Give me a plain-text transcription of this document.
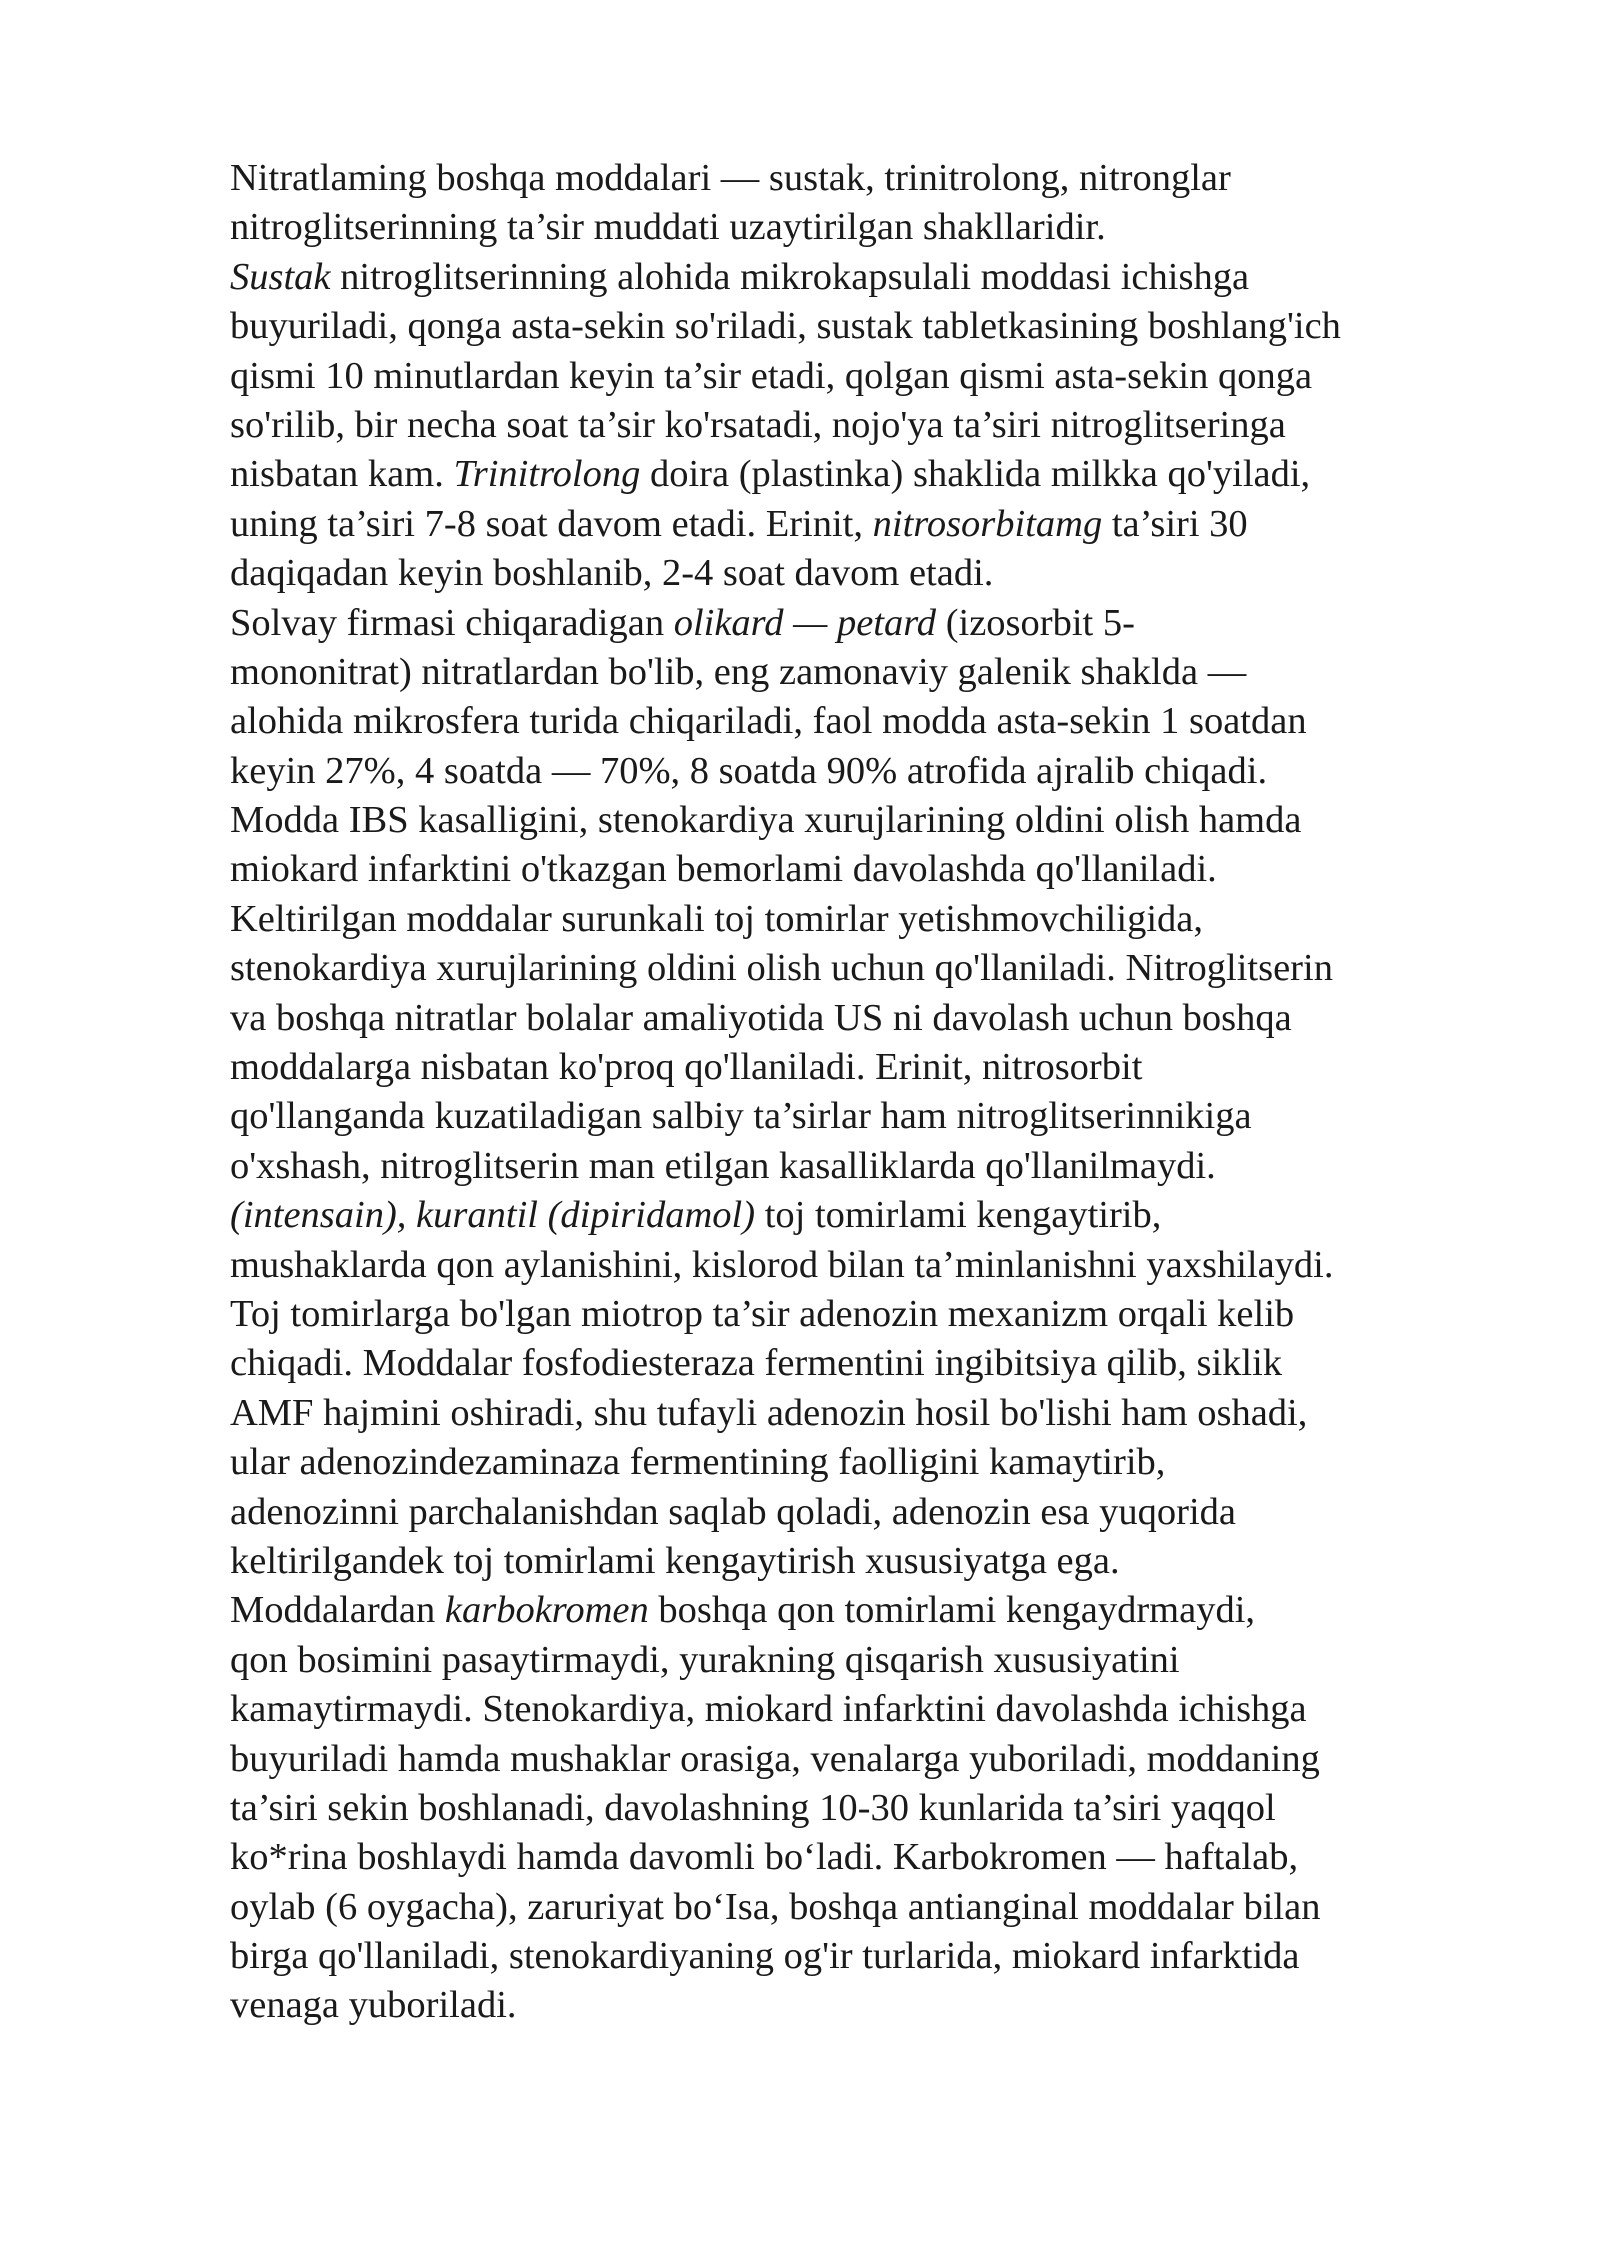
Nitratlaming boshqa moddalari — sustak, trinitrolong, nitronglar
nitroglitserinning ta’sir muddati uzaytirilgan shakllaridir.
Sustak nitroglitserinning alohida mikrokapsulali moddasi ichishga
buyuriladi, qonga asta-sekin so'riladi, sustak tabletkasining boshlang'ich
qismi 10 minutlardan keyin ta’sir etadi, qolgan qismi asta-sekin qonga
so'rilib, bir necha soat ta’sir ko'rsatadi, nojo'ya ta’siri nitroglitseringa
nisbatan kam. Trinitrolong doira (plastinka) shaklida milkka qo'yiladi,
uning ta’siri 7-8 soat davom etadi. Erinit, nitrosorbitamg ta’siri 30
daqiqadan keyin boshlanib, 2-4 soat davom etadi.
Solvay firmasi chiqaradigan olikard — petard (izosorbit 5-
mononitrat) nitratlardan bo'lib, eng zamonaviy galenik shaklda —
alohida mikrosfera turida chiqariladi, faol modda asta-sekin 1 soatdan
keyin 27%, 4 soatda — 70%, 8 soatda 90% atrofida ajralib chiqadi.
Modda IBS kasalligini, stenokardiya xurujlarining oldini olish hamda
miokard infarktini o'tkazgan bemorlami davolashda qo'llaniladi.
Keltirilgan moddalar surunkali toj tomirlar yetishmovchiligida,
stenokardiya xurujlarining oldini olish uchun qo'llaniladi. Nitroglitserin
va boshqa nitratlar bolalar amaliyotida US ni davolash uchun boshqa
moddalarga nisbatan ko'proq qo'llaniladi. Erinit, nitrosorbit
qo'llanganda kuzatiladigan salbiy ta’sirlar ham nitroglitserinnikiga
o'xshash, nitroglitserin man etilgan kasalliklarda qo'llanilmaydi.
(intensain), kurantil (dipiridamol) toj tomirlami kengaytirib,
mushaklarda qon aylanishini, kislorod bilan ta’minlanishni yaxshilaydi.
Toj tomirlarga bo'lgan miotrop ta’sir adenozin mexanizm orqali kelib
chiqadi. Moddalar fosfodiesteraza fermentini ingibitsiya qilib, siklik
AMF hajmini oshiradi, shu tufayli adenozin hosil bo'lishi ham oshadi,
ular adenozindezaminaza fermentining faolligini kamaytirib,
adenozinni parchalanishdan saqlab qoladi, adenozin esa yuqorida
keltirilgandek toj tomirlami kengaytirish xususiyatga ega.
Moddalardan karbokromen boshqa qon tomirlami kengaydrmaydi,
qon bosimini pasaytirmaydi, yurakning qisqarish xususiyatini
kamaytirmaydi. Stenokardiya, miokard infarktini davolashda ichishga
buyuriladi hamda mushaklar orasiga, venalarga yuboriladi, moddaning
ta’siri sekin boshlanadi, davolashning 10-30 kunlarida ta’siri yaqqol
ko*rina boshlaydi hamda davomli bo‘ladi. Karbokromen — haftalab,
oylab (6 oygacha), zaruriyat bo‘Isa, boshqa antianginal moddalar bilan
birga qo'llaniladi, stenokardiyaning og'ir turlarida, miokard infarktida
venaga yuboriladi.
